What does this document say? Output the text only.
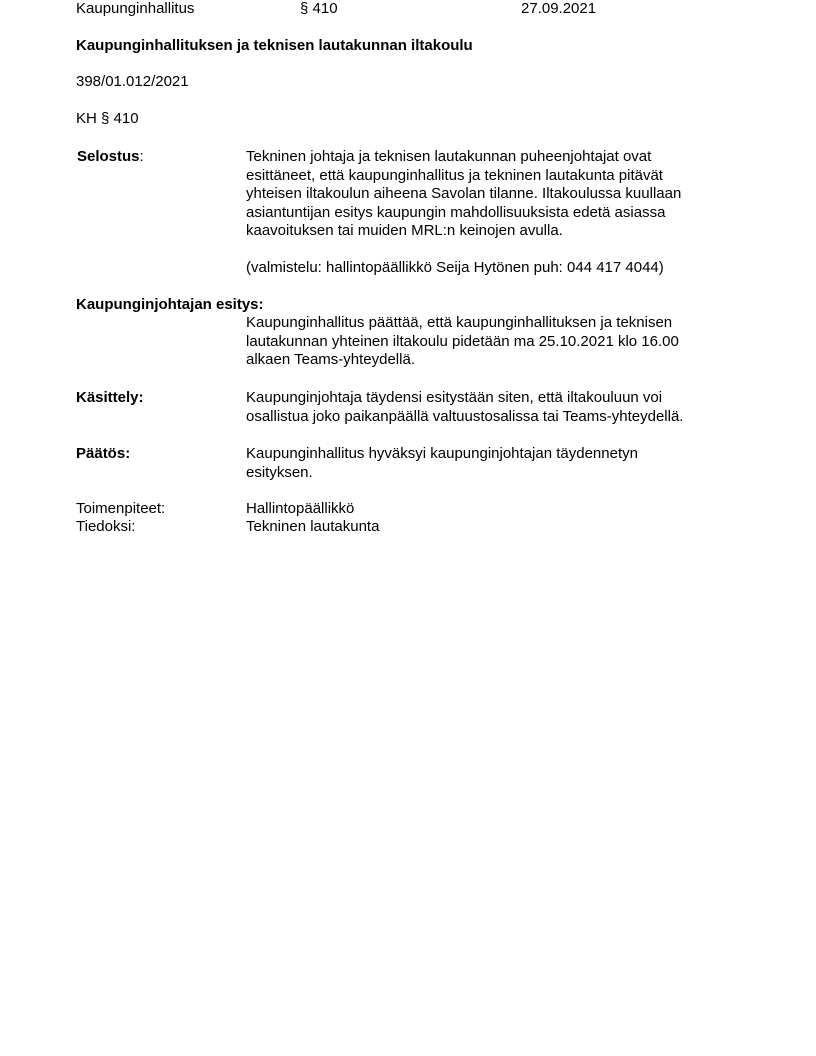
Kaupunginhallitus	§ 410	27.09.2021
Kaupunginhallituksen ja teknisen lautakunnan iltakoulu
398/01.012/2021
KH § 410
Selostus:	Tekninen johtaja ja teknisen lautakunnan puheenjohtajat ovat
esittäneet, että kaupunginhallitus ja tekninen lautakunta pitävät
yhteisen iltakoulun aiheena Savolan tilanne. Iltakoulussa kuullaan
asiantuntijan esitys kaupungin mahdollisuuksista edetä asiassa
kaavoituksen tai muiden MRL:n keinojen avulla.
(valmistelu: hallintopäällikkö Seija Hytönen puh: 044 417 4044)
Kaupunginjohtajan esitys:
Kaupunginhallitus päättää, että kaupunginhallituksen ja teknisen
lautakunnan yhteinen iltakoulu pidetään ma 25.10.2021 klo 16.00
alkaen Teams-yhteydellä.
Käsittely:	Kaupunginjohtaja täydensi esitystään siten, että iltakouluun voi
osallistua joko paikanpäällä valtuustosalissa tai Teams-yhteydellä.
Päätös:	Kaupunginhallitus hyväksyi kaupunginjohtajan täydennetyn
esityksen.
Toimenpiteet:	Hallintopäällikkö
Tiedoksi:	Tekninen lautakunta
